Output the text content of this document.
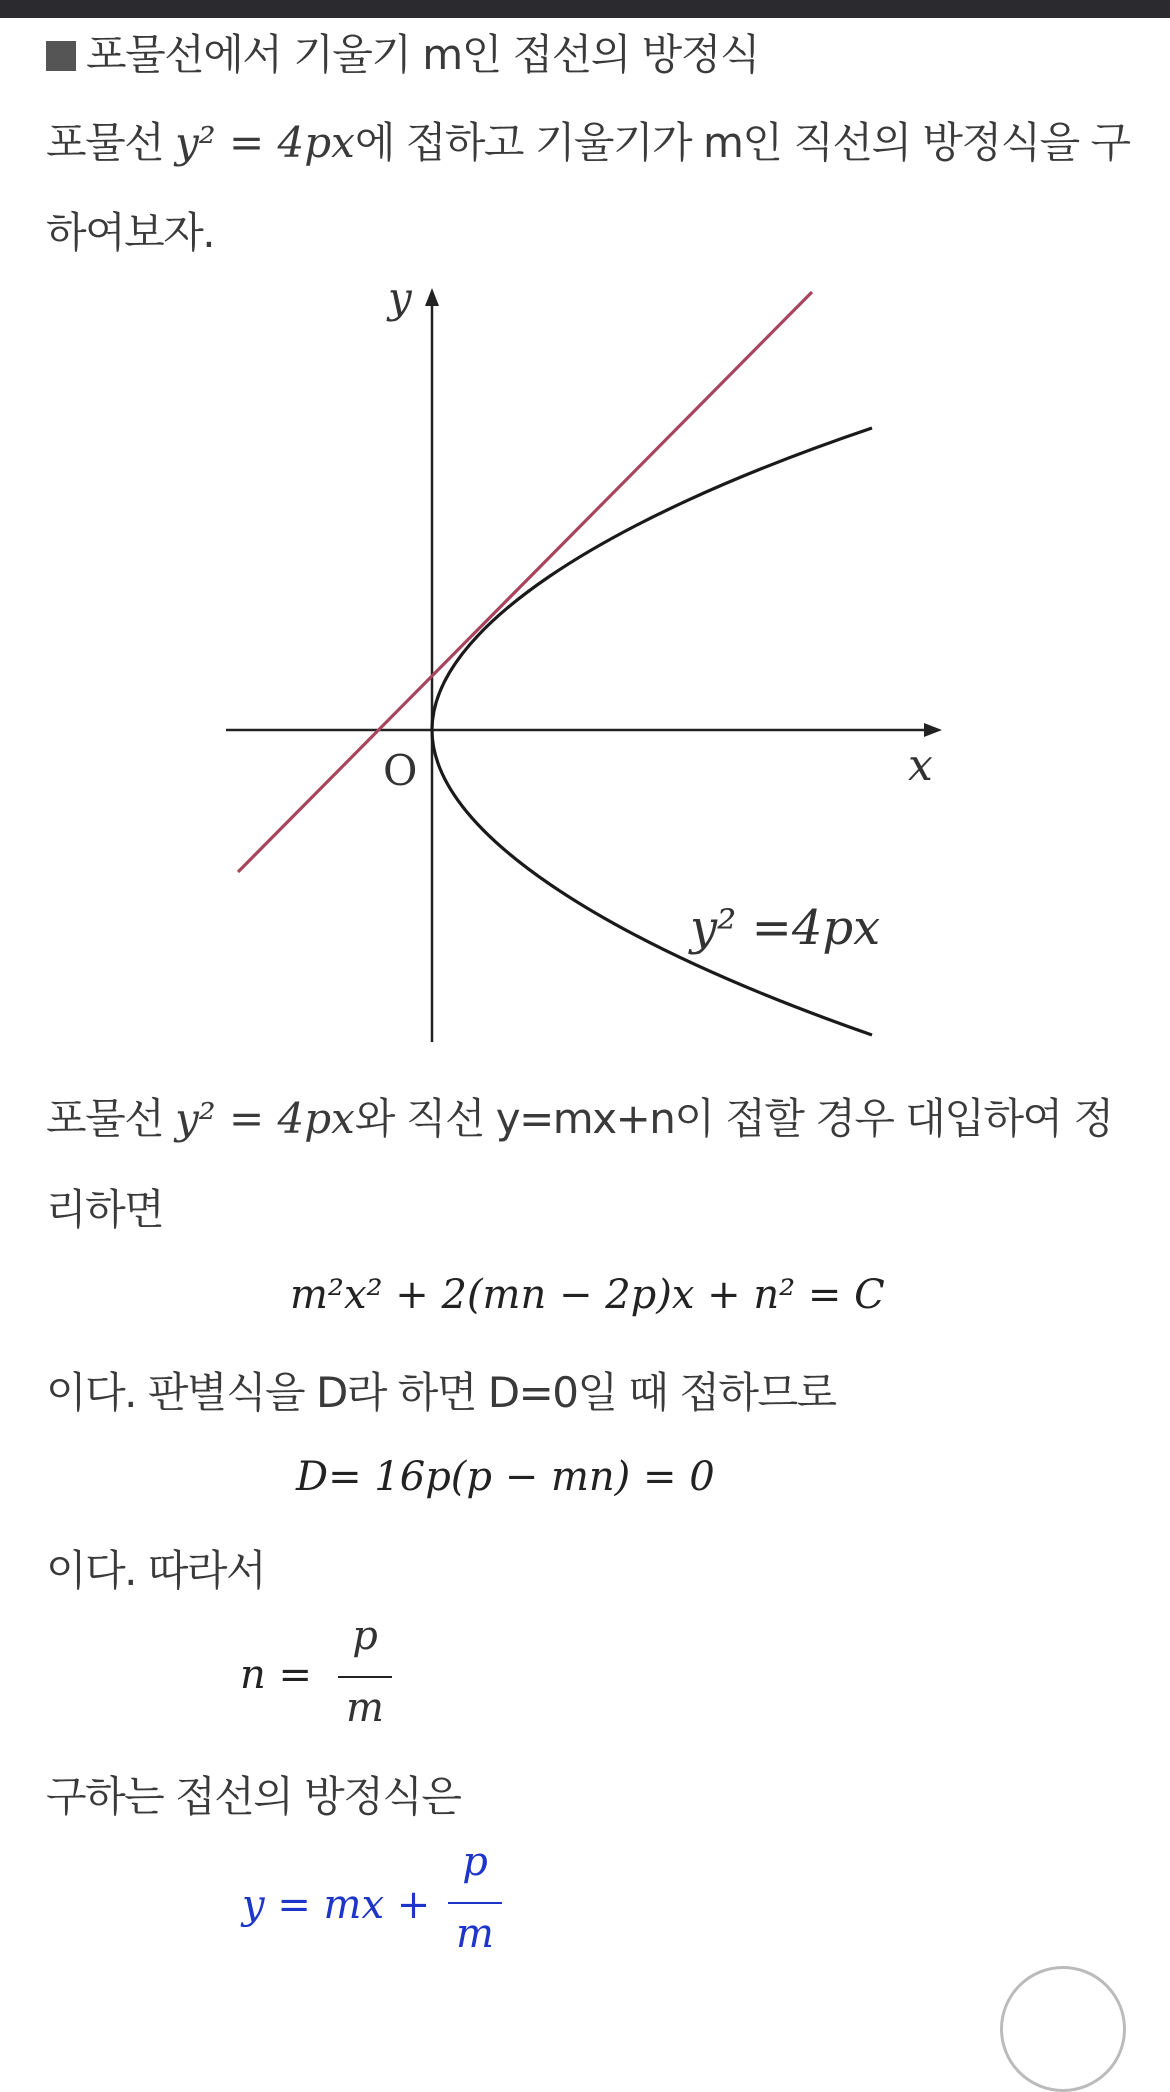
포물선에서 기울기 m인 접선의 방정식
포물선 y² = 4px에 접하고 기울기가 m인 직선의 방정식을 구
하여보자.
y
x
O
y² =4px
포물선 y² = 4px와 직선 y=mx+n이 접할 경우 대입하여 정
리하면
m²x² + 2(mn − 2p)x + n² = C
이다. 판별식을 D라 하면 D=0일 때 접하므로
D= 16p(p − mn) = 0
이다. 따라서
n =
p
m
구하는 접선의 방정식은
y = mx +
p
m
